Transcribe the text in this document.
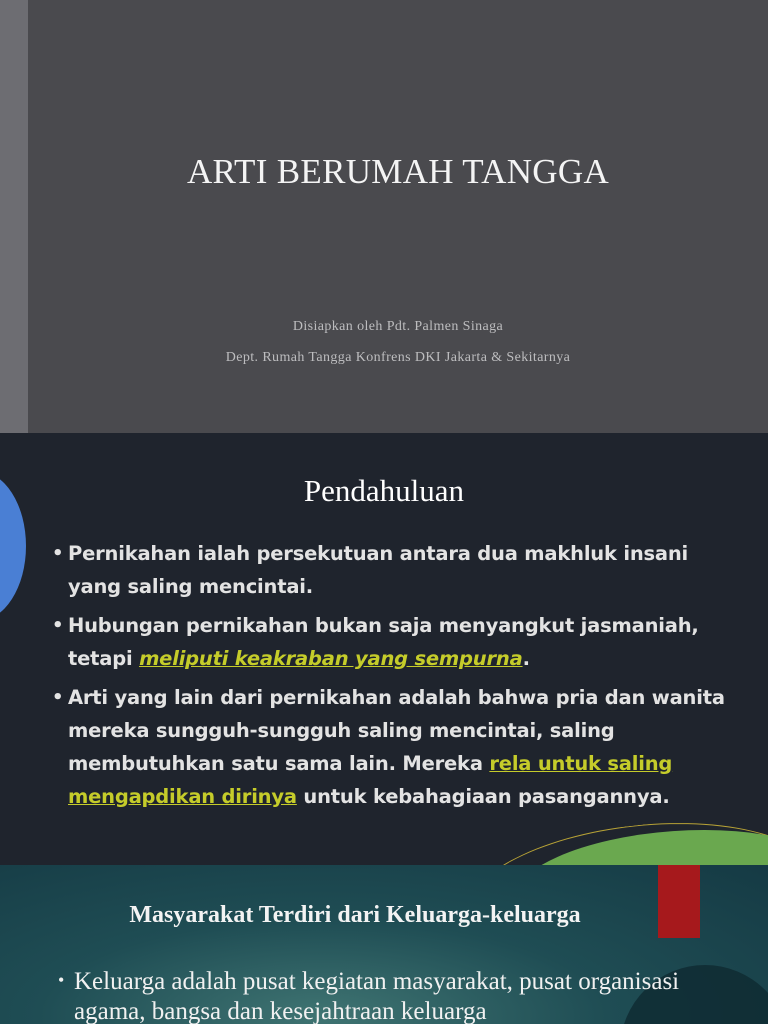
ARTI BERUMAH TANGGA
Disiapkan oleh Pdt. Palmen Sinaga
Dept. Rumah Tangga Konfrens DKI Jakarta & Sekitarnya
Pendahuluan
• Pernikahan ialah persekutuan antara dua makhluk insani yang saling mencintai.
• Hubungan pernikahan bukan saja menyangkut jasmaniah, tetapi meliputi keakraban yang sempurna.
• Arti yang lain dari pernikahan adalah bahwa pria dan wanita mereka sungguh-sungguh saling mencintai, saling membutuhkan satu sama lain. Mereka rela untuk saling mengapdikan dirinya untuk kebahagiaan pasangannya.
Masyarakat Terdiri dari Keluarga-keluarga
• Keluarga adalah pusat kegiatan masyarakat, pusat organisasi agama, bangsa dan kesejahtraan keluarga
